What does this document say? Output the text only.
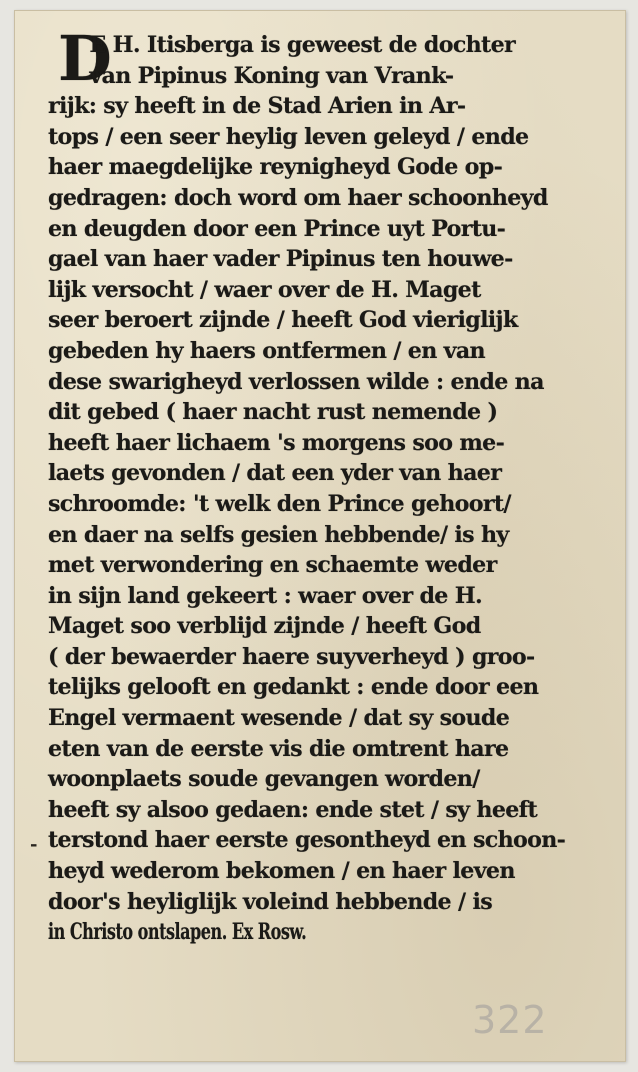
D
E H. Itisberga is geweest de dochter
van Pipinus Koning van Vrank-
rijk: sy heeft in de Stad Arien in Ar-
tops / een seer heylig leven geleyd / ende
haer maegdelijke reynigheyd Gode op-
gedragen: doch word om haer schoonheyd
en deugden door een Prince uyt Portu-
gael van haer vader Pipinus ten houwe-
lijk versocht / waer over de H. Maget
seer beroert zijnde / heeft God vieriglijk
gebeden hy haers ontfermen / en van
dese swarigheyd verlossen wilde : ende na
dit gebed ( haer nacht rust nemende )
heeft haer lichaem 's morgens soo me-
laets gevonden / dat een yder van haer
schroomde: 't welk den Prince gehoort/
en daer na selfs gesien hebbende/ is hy
met verwondering en schaemte weder
in sijn land gekeert : waer over de H.
Maget soo verblijd zijnde / heeft God
( der bewaerder haere suyverheyd ) groo-
telijks gelooft en gedankt : ende door een
Engel vermaent wesende / dat sy soude
eten van de eerste vis die omtrent hare
woonplaets soude gevangen worden/
heeft sy alsoo gedaen: ende stet / sy heeft
terstond haer eerste gesontheyd en schoon-
heyd wederom bekomen / en haer leven
door's heyliglijk voleind hebbende / is
in Christo ontslapen. Ex Rosw.
-
322
